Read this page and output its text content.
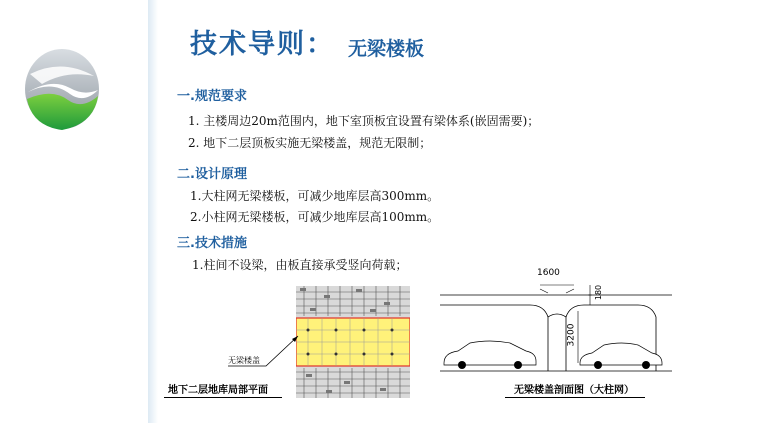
技术导则： 无梁楼板
一.规范要求
1. 主楼周边20m范围内，地下室顶板宜设置有梁体系(嵌固需要)；
2. 地下二层顶板实施无梁楼盖，规范无限制；
二.设计原理
1.大柱网无梁楼板，可减少地库层高300mm。
2.小柱网无梁楼板，可减少地库层高100mm。
三.技术措施
1.柱间不设梁，由板直接承受竖向荷载；
无梁楼盖
地下二层地库局部平面
1600
180
3200
无梁楼盖剖面图（大柱网）
